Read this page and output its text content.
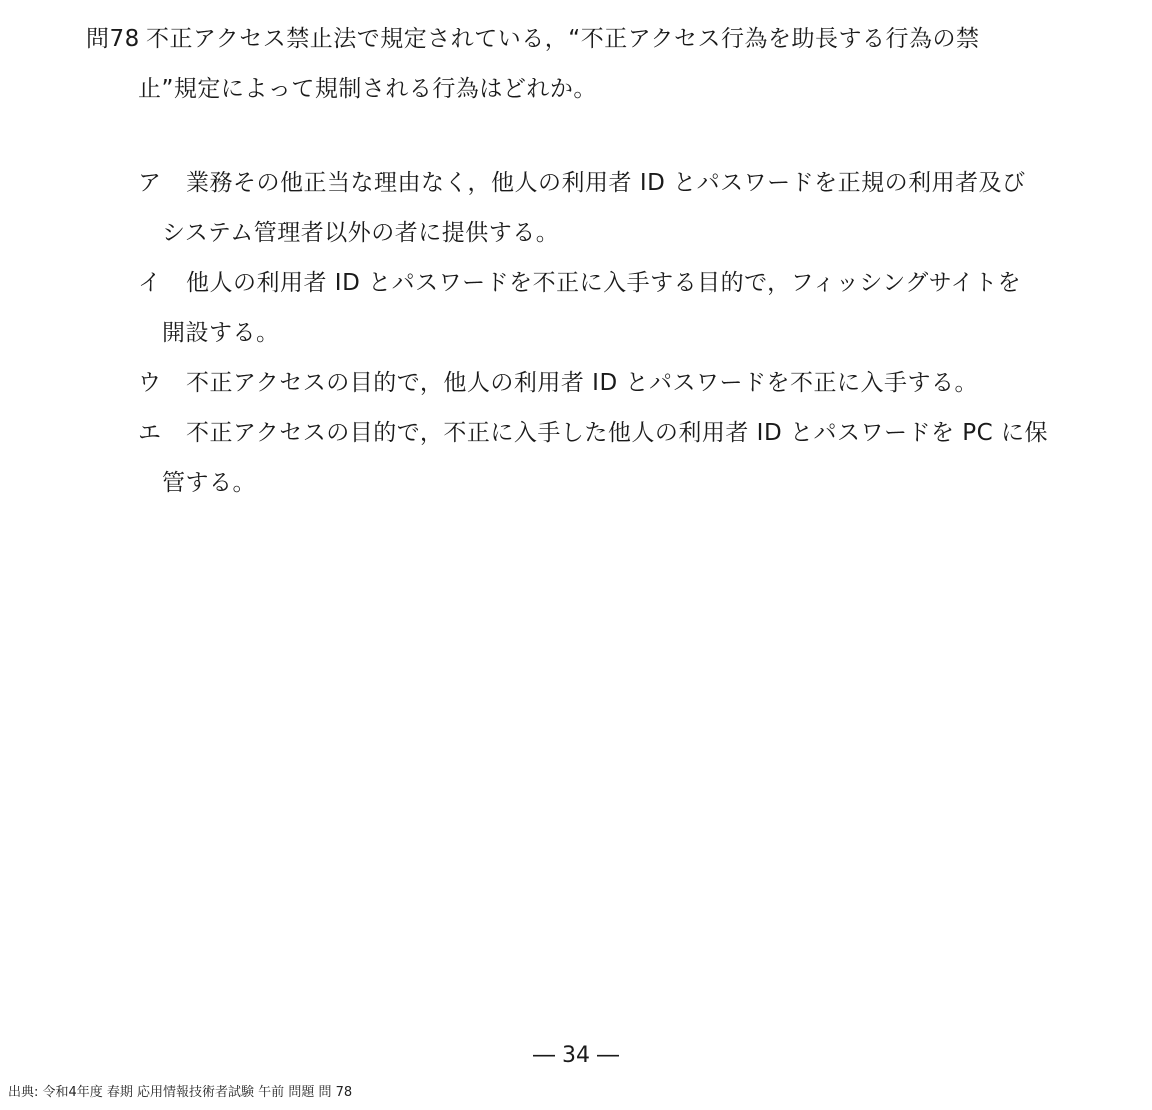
問78 不正アクセス禁止法で規定されている，“不正アクセス行為を助長する行為の禁
止”規定によって規制される行為はどれか。
ア	業務その他正当な理由なく，他人の利用者 ID とパスワードを正規の利用者及び
システム管理者以外の者に提供する。
イ	他人の利用者 ID とパスワードを不正に入手する目的で，フィッシングサイトを
開設する。
ウ	不正アクセスの目的で，他人の利用者 ID とパスワードを不正に入手する。
エ	不正アクセスの目的で，不正に入手した他人の利用者 ID とパスワードを PC に保
管する。
― 34 ―
出典: 令和4年度 春期 応用情報技術者試験 午前 問題 問 78
